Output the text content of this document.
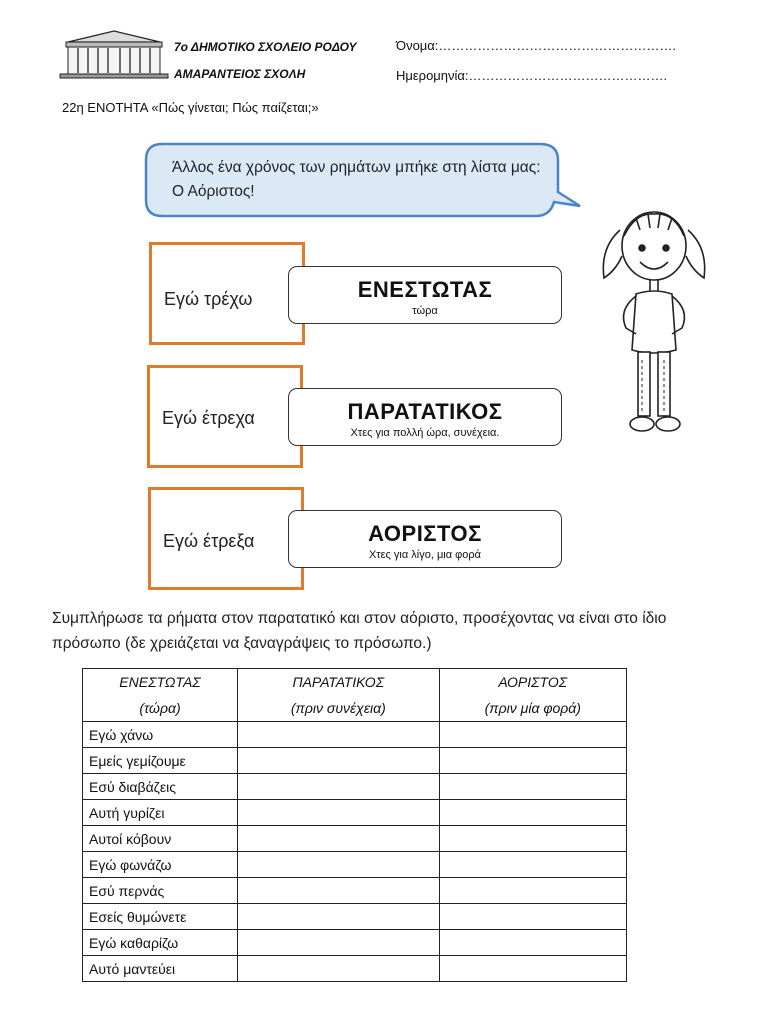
7ο ΔΗΜΟΤΙΚΟ ΣΧΟΛΕΙΟ ΡΟΔΟΥ
ΑΜΑΡΑΝΤΕΙΟΣ ΣΧΟΛΗ
Όνομα:……………………………………………….
Ημερομηνία:……………………………………….
22η ΕΝΟΤΗΤΑ «Πώς γίνεται; Πώς παίζεται;»
Άλλος ένα χρόνος των ρημάτων μπήκε στη λίστα μας: Ο Αόριστος!
Εγώ τρέχω	ΕΝΕΣΤΩΤΑΣ
τώρα
Εγώ έτρεχα	ΠΑΡΑΤΑΤΙΚΟΣ
Χτες για πολλή ώρα, συνέχεια.
Εγώ έτρεξα	ΑΟΡΙΣΤΟΣ
Χτες για λίγο, μια φορά
Συμπλήρωσε τα ρήματα στον παρατατικό και στον αόριστο, προσέχοντας να είναι στο ίδιο πρόσωπο (δε χρειάζεται να ξαναγράψεις το πρόσωπο.)
ΕΝΕΣΤΩΤΑΣ	ΠΑΡΑΤΑΤΙΚΟΣ	ΑΟΡΙΣΤΟΣ
(τώρα)	(πριν συνέχεια)	(πριν μία φορά)
Εγώ χάνω		
Εμείς γεμίζουμε		
Εσύ διαβάζεις		
Αυτή γυρίζει		
Αυτοί κόβουν		
Εγώ φωνάζω		
Εσύ περνάς		
Εσείς θυμώνετε		
Εγώ καθαρίζω		
Αυτό μαντεύει		
